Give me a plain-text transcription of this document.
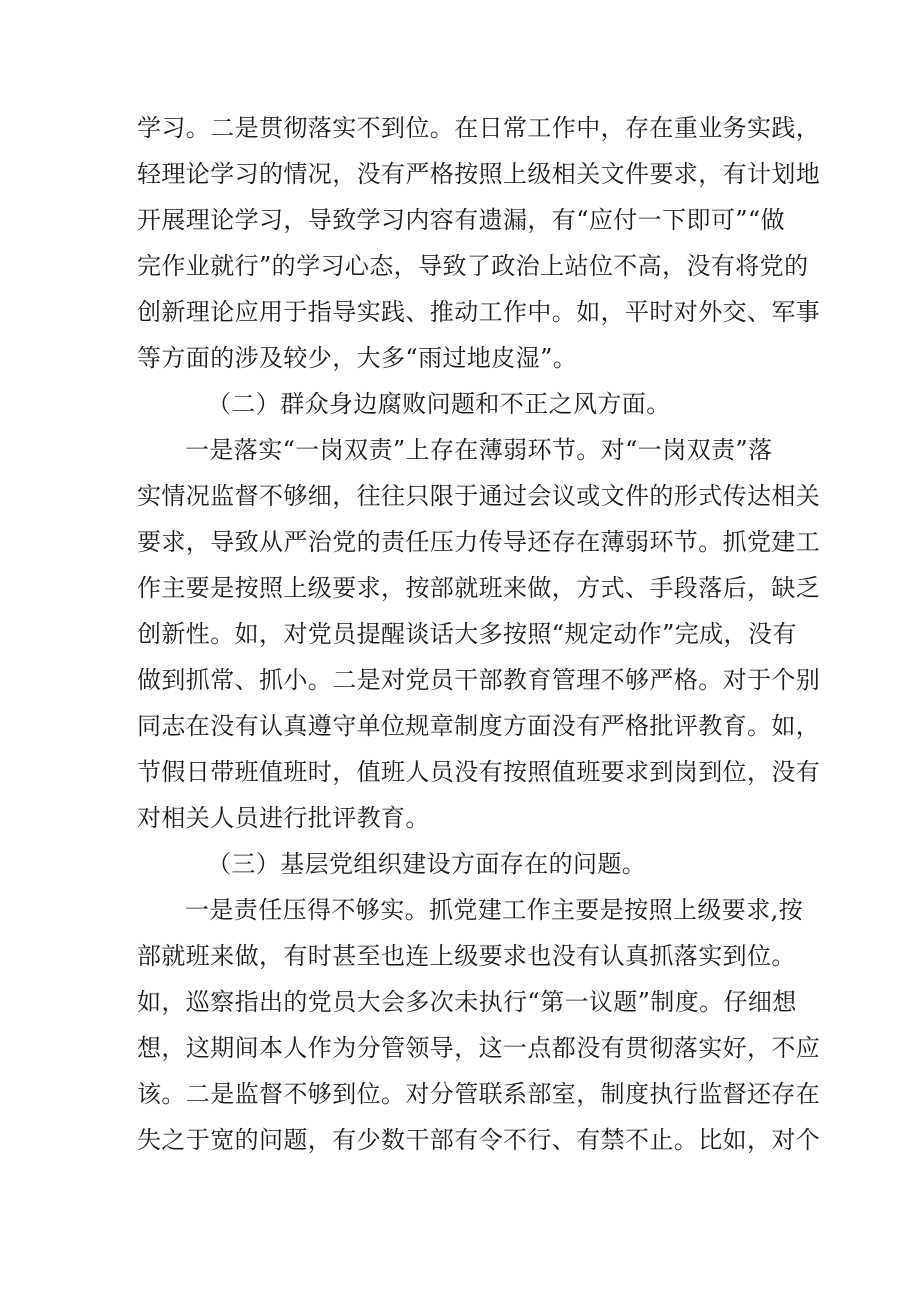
学习。二是贯彻落实不到位。在日常工作中，存在重业务实践，
轻理论学习的情况，没有严格按照上级相关文件要求，有计划地
开展理论学习，导致学习内容有遗漏，有“应付一下即可”“做
完作业就行”的学习心态，导致了政治上站位不高，没有将党的
创新理论应用于指导实践、推动工作中。如，平时对外交、军事
等方面的涉及较少，大多“雨过地皮湿”。
（二）群众身边腐败问题和不正之风方面。
一是落实“一岗双责”上存在薄弱环节。对“一岗双责”落
实情况监督不够细，往往只限于通过会议或文件的形式传达相关
要求，导致从严治党的责任压力传导还存在薄弱环节。抓党建工
作主要是按照上级要求，按部就班来做，方式、手段落后，缺乏
创新性。如，对党员提醒谈话大多按照“规定动作”完成，没有
做到抓常、抓小。二是对党员干部教育管理不够严格。对于个别
同志在没有认真遵守单位规章制度方面没有严格批评教育。如，
节假日带班值班时，值班人员没有按照值班要求到岗到位，没有
对相关人员进行批评教育。
（三）基层党组织建设方面存在的问题。
一是责任压得不够实。抓党建工作主要是按照上级要求,按
部就班来做，有时甚至也连上级要求也没有认真抓落实到位。
如，巡察指出的党员大会多次未执行“第一议题”制度。仔细想
想，这期间本人作为分管领导，这一点都没有贯彻落实好，不应
该。二是监督不够到位。对分管联系部室，制度执行监督还存在
失之于宽的问题，有少数干部有令不行、有禁不止。比如，对个
